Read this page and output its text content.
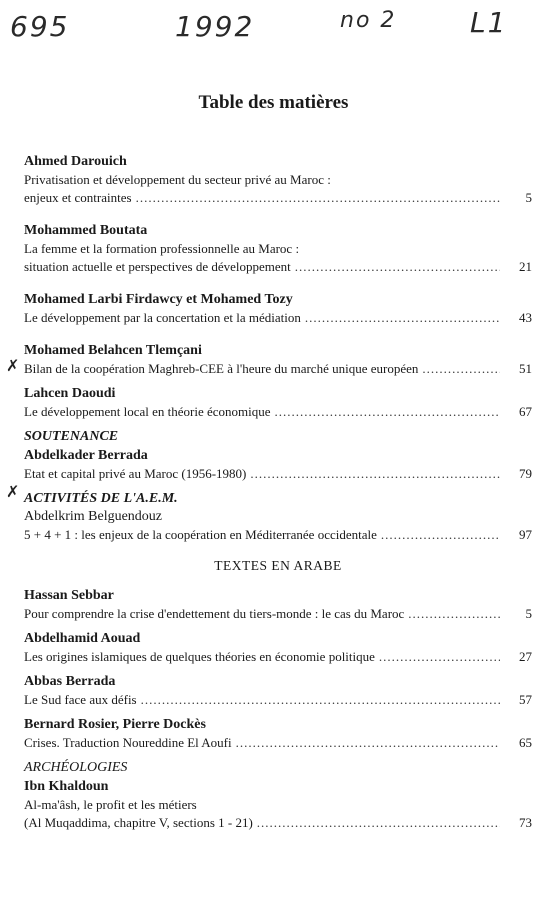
695	1992	no 2	L1
Table des matières
✗
✗
Ahmed Darouich
Privatisation et développement du secteur privé au Maroc :
enjeux et contraintes .....	5
Mohammed Boutata
La femme et la formation professionnelle au Maroc :
situation actuelle et perspectives de développement .....	21
Mohamed Larbi Firdawcy et Mohamed Tozy
Le développement par la concertation et la médiation .....	43
Mohamed Belahcen Tlemçani
Bilan de la coopération Maghreb-CEE à l'heure du marché unique européen .....	51
Lahcen Daoudi
Le développement local en théorie économique .....	67
SOUTENANCE
Abdelkader Berrada
Etat et capital privé au Maroc (1956-1980) .....	79
ACTIVITÉS DE L'A.E.M.
Abdelkrim Belguendouz
5 + 4 + 1 : les enjeux de la coopération en Méditerranée occidentale .....	97
TEXTES EN ARABE
Hassan Sebbar
Pour comprendre la crise d'endettement du tiers-monde : le cas du Maroc .....	5
Abdelhamid Aouad
Les origines islamiques de quelques théories en économie politique .....	27
Abbas Berrada
Le Sud face aux défis .....	57
Bernard Rosier, Pierre Dockès
Crises. Traduction Noureddine El Aoufi .....	65
ARCHÉOLOGIES
Ibn Khaldoun
Al-ma'âsh, le profit et les métiers
(Al Muqaddima, chapitre V, sections 1 - 21) .....	73
